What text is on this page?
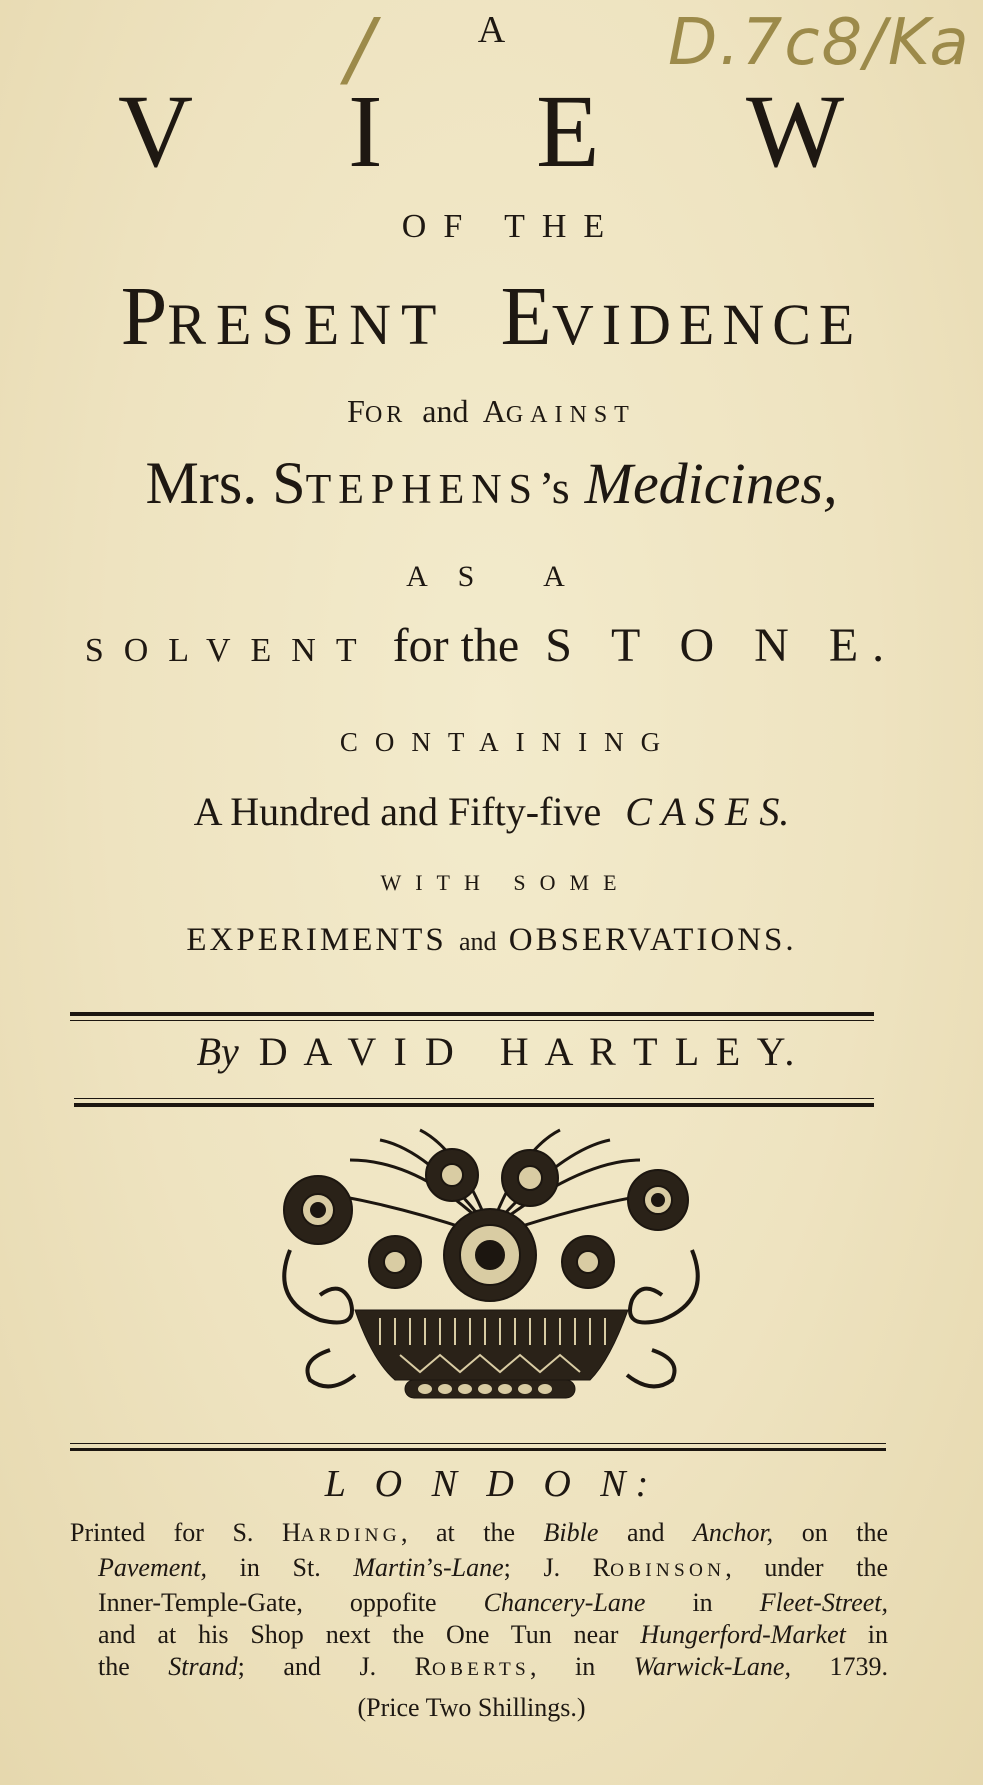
/	D.7c8/Ka
A
V I E W
OF THE
PRESENT EVIDENCE
FOR and AGAINST
Mrs. STEPHENS’s Medicines,
A S   A
SOLVENT for the S T O N E.
CONTAINING
A Hundred and Fifty-five C A S E S.
WITH SOME
EXPERIMENTS and OBSERVATIONS.
By D A V I D   H A R T L E Y.
L O N D O N:
Printed for S. HARDING, at the Bible and Anchor, on the
Pavement, in St. Martin’s-Lane; J. ROBINSON, under the
Inner-Temple-Gate, oppofite Chancery-Lane in Fleet-Street,
and at his Shop next the One Tun near Hungerford-Market in
the Strand; and J. ROBERTS, in Warwick-Lane, 1739.
(Price Two Shillings.)
